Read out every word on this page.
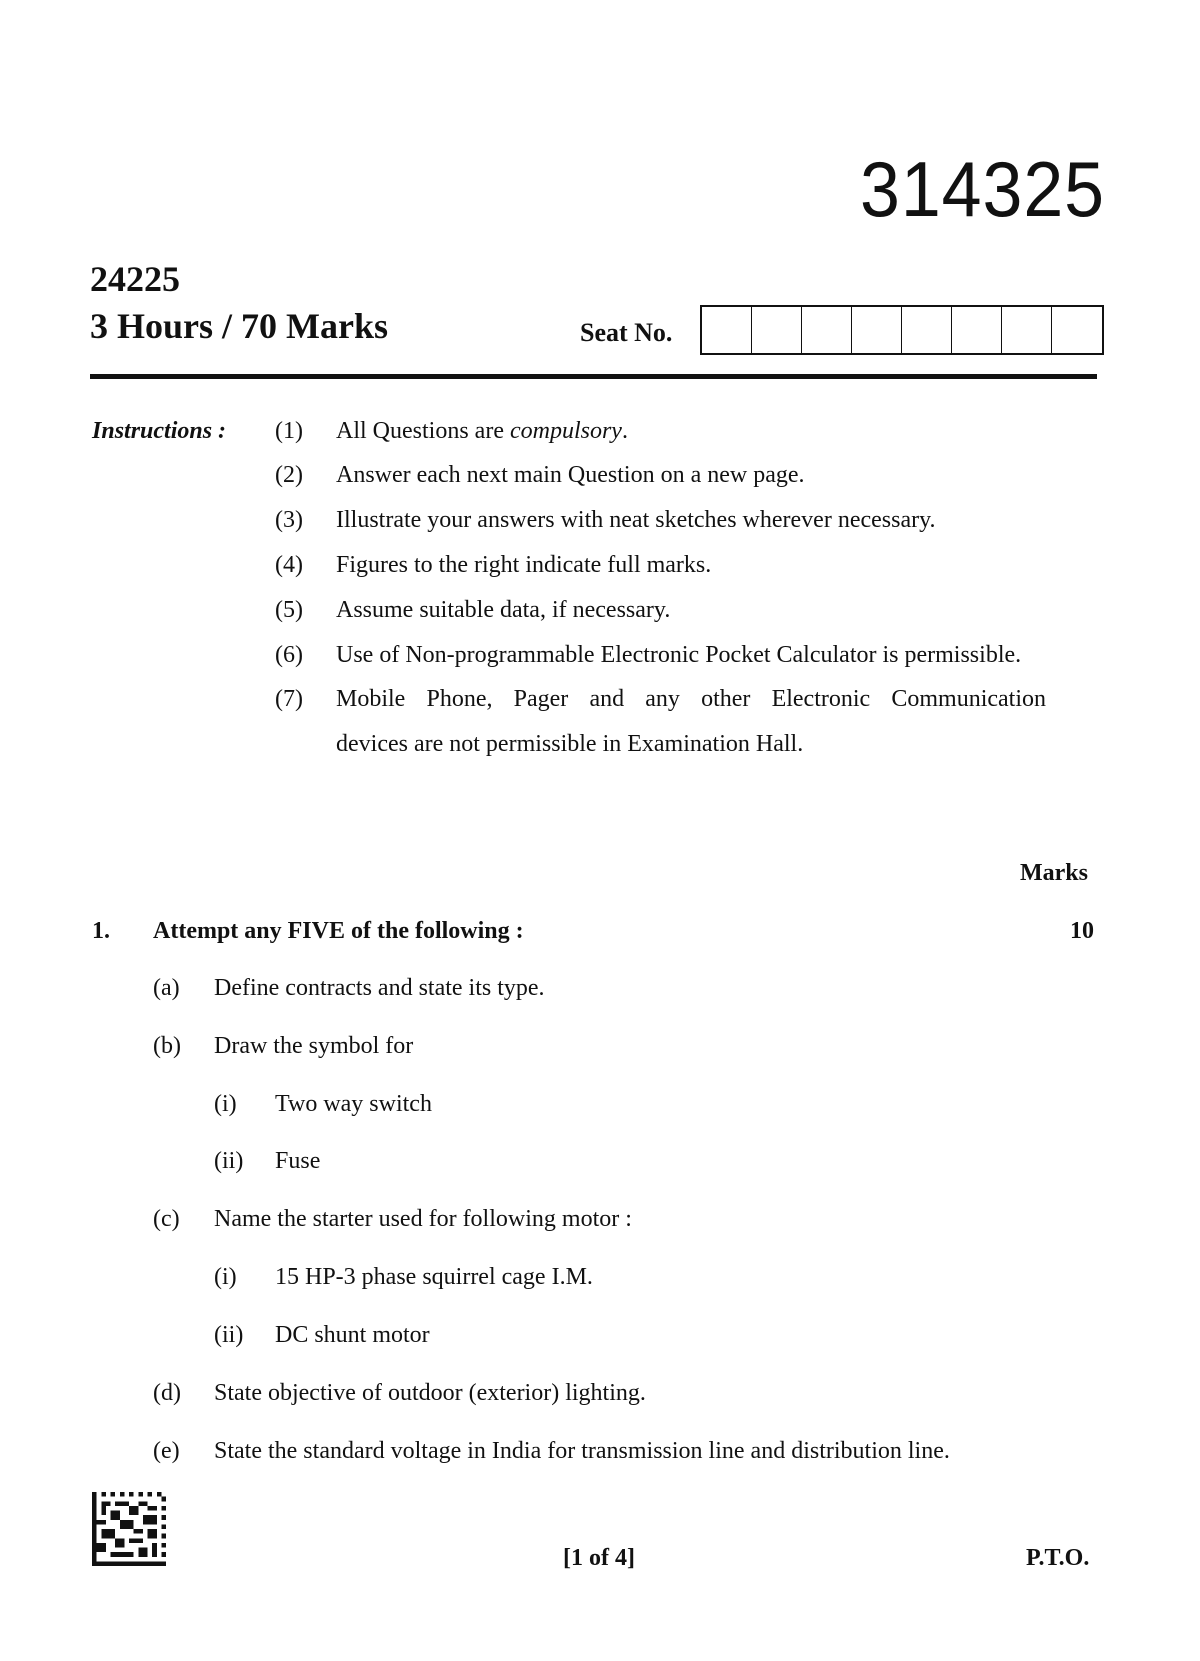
314325
24225
3 Hours / 70 Marks	Seat No.
Instructions : (1) All Questions are compulsory.
(2) Answer each next main Question on a new page.
(3) Illustrate your answers with neat sketches wherever necessary.
(4) Figures to the right indicate full marks.
(5) Assume suitable data, if necessary.
(6) Use of Non-programmable Electronic Pocket Calculator is permissible.
(7) Mobile Phone, Pager and any other Electronic Communication
devices are not permissible in Examination Hall.
Marks
1. Attempt any FIVE of the following :	10
(a) Define contracts and state its type.
(b) Draw the symbol for
(i) Two way switch
(ii) Fuse
(c) Name the starter used for following motor :
(i) 15 HP-3 phase squirrel cage I.M.
(ii) DC shunt motor
(d) State objective of outdoor (exterior) lighting.
(e) State the standard voltage in India for transmission line and distribution line.
[1 of 4]	P.T.O.
